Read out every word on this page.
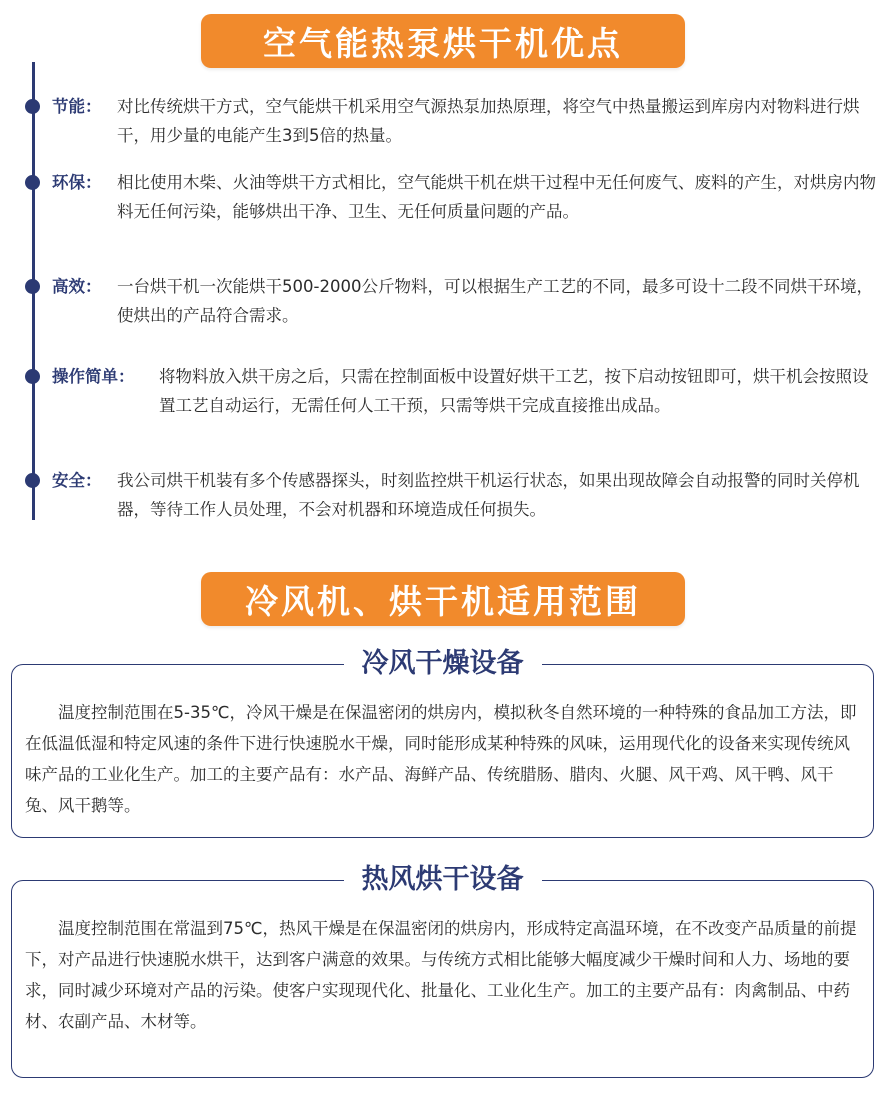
空气能热泵烘干机优点
节能： 对比传统烘干方式，空气能烘干机采用空气源热泵加热原理，将空气中热量搬运到库房内对物料进行烘干，用少量的电能产生3到5倍的热量。
环保： 相比使用木柴、火油等烘干方式相比，空气能烘干机在烘干过程中无任何废气、废料的产生，对烘房内物料无任何污染，能够烘出干净、卫生、无任何质量问题的产品。
高效： 一台烘干机一次能烘干500-2000公斤物料，可以根据生产工艺的不同，最多可设十二段不同烘干环境，使烘出的产品符合需求。
操作简单： 将物料放入烘干房之后，只需在控制面板中设置好烘干工艺，按下启动按钮即可，烘干机会按照设置工艺自动运行，无需任何人工干预，只需等烘干完成直接推出成品。
安全： 我公司烘干机装有多个传感器探头，时刻监控烘干机运行状态，如果出现故障会自动报警的同时关停机器，等待工作人员处理，不会对机器和环境造成任何损失。
冷风机、烘干机适用范围
冷风干燥设备
温度控制范围在5-35℃，冷风干燥是在保温密闭的烘房内，模拟秋冬自然环境的一种特殊的食品加工方法，即在低温低湿和特定风速的条件下进行快速脱水干燥，同时能形成某种特殊的风味，运用现代化的设备来实现传统风味产品的工业化生产。加工的主要产品有：水产品、海鲜产品、传统腊肠、腊肉、火腿、风干鸡、风干鸭、风干兔、风干鹅等。
热风烘干设备
温度控制范围在常温到75℃，热风干燥是在保温密闭的烘房内，形成特定高温环境，在不改变产品质量的前提下，对产品进行快速脱水烘干，达到客户满意的效果。与传统方式相比能够大幅度减少干燥时间和人力、场地的要求，同时减少环境对产品的污染。使客户实现现代化、批量化、工业化生产。加工的主要产品有：肉禽制品、中药材、农副产品、木材等。
